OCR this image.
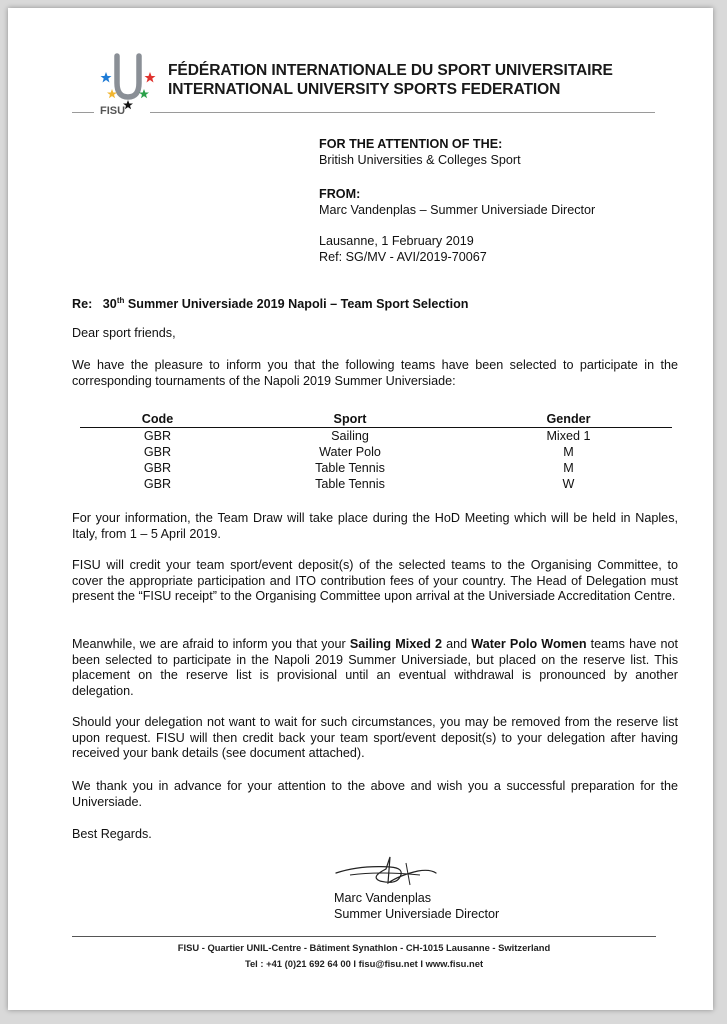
FISU
FÉDÉRATION INTERNATIONALE DU SPORT UNIVERSITAIRE
INTERNATIONAL UNIVERSITY SPORTS FEDERATION
FOR THE ATTENTION OF THE:
British Universities & Colleges Sport
FROM:
Marc Vandenplas – Summer Universiade Director
Lausanne, 1 February 2019
Ref: SG/MV - AVI/2019-70067
Re: 30th Summer Universiade 2019 Napoli – Team Sport Selection
Dear sport friends,
We have the pleasure to inform you that the following teams have been selected to participate in the corresponding tournaments of the Napoli 2019 Summer Universiade:
Code	Sport	Gender
GBR	Sailing	Mixed 1
GBR	Water Polo	M
GBR	Table Tennis	M
GBR	Table Tennis	W
For your information, the Team Draw will take place during the HoD Meeting which will be held in Naples, Italy, from 1 – 5 April 2019.
FISU will credit your team sport/event deposit(s) of the selected teams to the Organising Committee, to cover the appropriate participation and ITO contribution fees of your country. The Head of Delegation must present the “FISU receipt” to the Organising Committee upon arrival at the Universiade Accreditation Centre.
Meanwhile, we are afraid to inform you that your Sailing Mixed 2 and Water Polo Women teams have not been selected to participate in the Napoli 2019 Summer Universiade, but placed on the reserve list. This placement on the reserve list is provisional until an eventual withdrawal is pronounced by another delegation.
Should your delegation not want to wait for such circumstances, you may be removed from the reserve list upon request. FISU will then credit back your team sport/event deposit(s) to your delegation after having received your bank details (see document attached).
We thank you in advance for your attention to the above and wish you a successful preparation for the Universiade.
Best Regards.
Marc Vandenplas
Summer Universiade Director
FISU - Quartier UNIL-Centre - Bâtiment Synathlon - CH-1015 Lausanne - Switzerland
Tel : +41 (0)21 692 64 00 I fisu@fisu.net I www.fisu.net
